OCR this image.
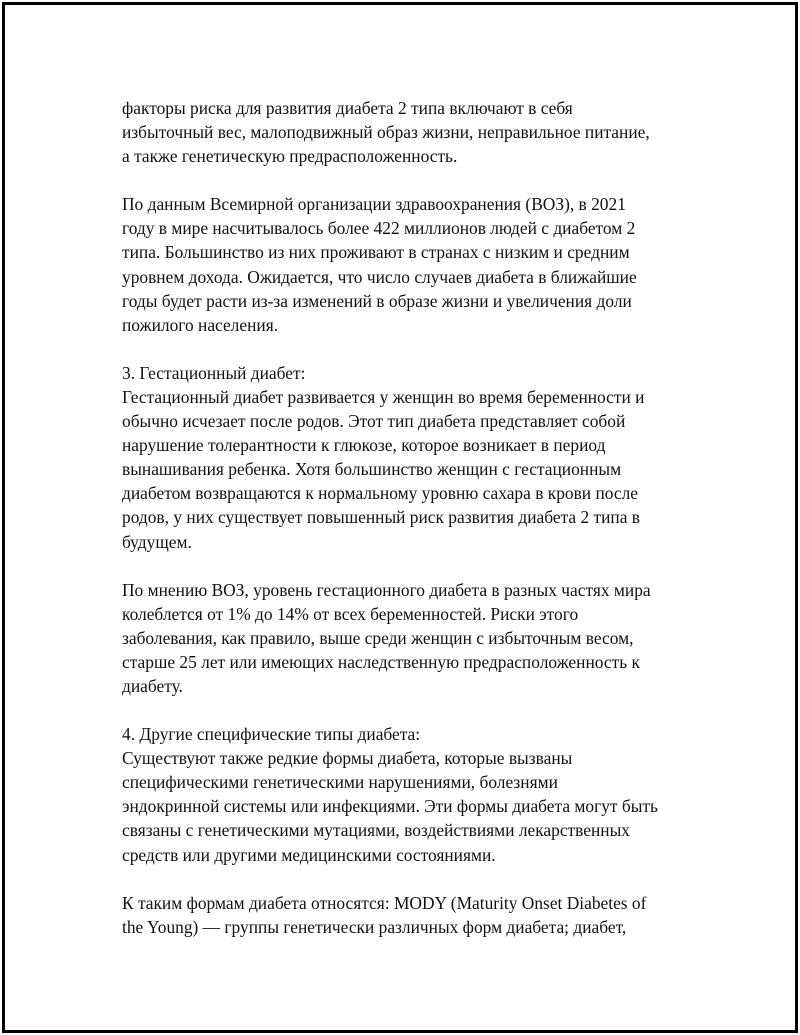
факторы риска для развития диабета 2 типа включают в себя
избыточный вес, малоподвижный образ жизни, неправильное питание,
а также генетическую предрасположенность.

По данным Всемирной организации здравоохранения (ВОЗ), в 2021
году в мире насчитывалось более 422 миллионов людей с диабетом 2
типа. Большинство из них проживают в странах с низким и средним
уровнем дохода. Ожидается, что число случаев диабета в ближайшие
годы будет расти из-за изменений в образе жизни и увеличения доли
пожилого населения.

3. Гестационный диабет:
Гестационный диабет развивается у женщин во время беременности и
обычно исчезает после родов. Этот тип диабета представляет собой
нарушение толерантности к глюкозе, которое возникает в период
вынашивания ребенка. Хотя большинство женщин с гестационным
диабетом возвращаются к нормальному уровню сахара в крови после
родов, у них существует повышенный риск развития диабета 2 типа в
будущем.

По мнению ВОЗ, уровень гестационного диабета в разных частях мира
колеблется от 1% до 14% от всех беременностей. Риски этого
заболевания, как правило, выше среди женщин с избыточным весом,
старше 25 лет или имеющих наследственную предрасположенность к
диабету.

4. Другие специфические типы диабета:
Существуют также редкие формы диабета, которые вызваны
специфическими генетическими нарушениями, болезнями
эндокринной системы или инфекциями. Эти формы диабета могут быть
связаны с генетическими мутациями, воздействиями лекарственных
средств или другими медицинскими состояниями.

К таким формам диабета относятся: MODY (Maturity Onset Diabetes of
the Young) — группы генетически различных форм диабета; диабет,
